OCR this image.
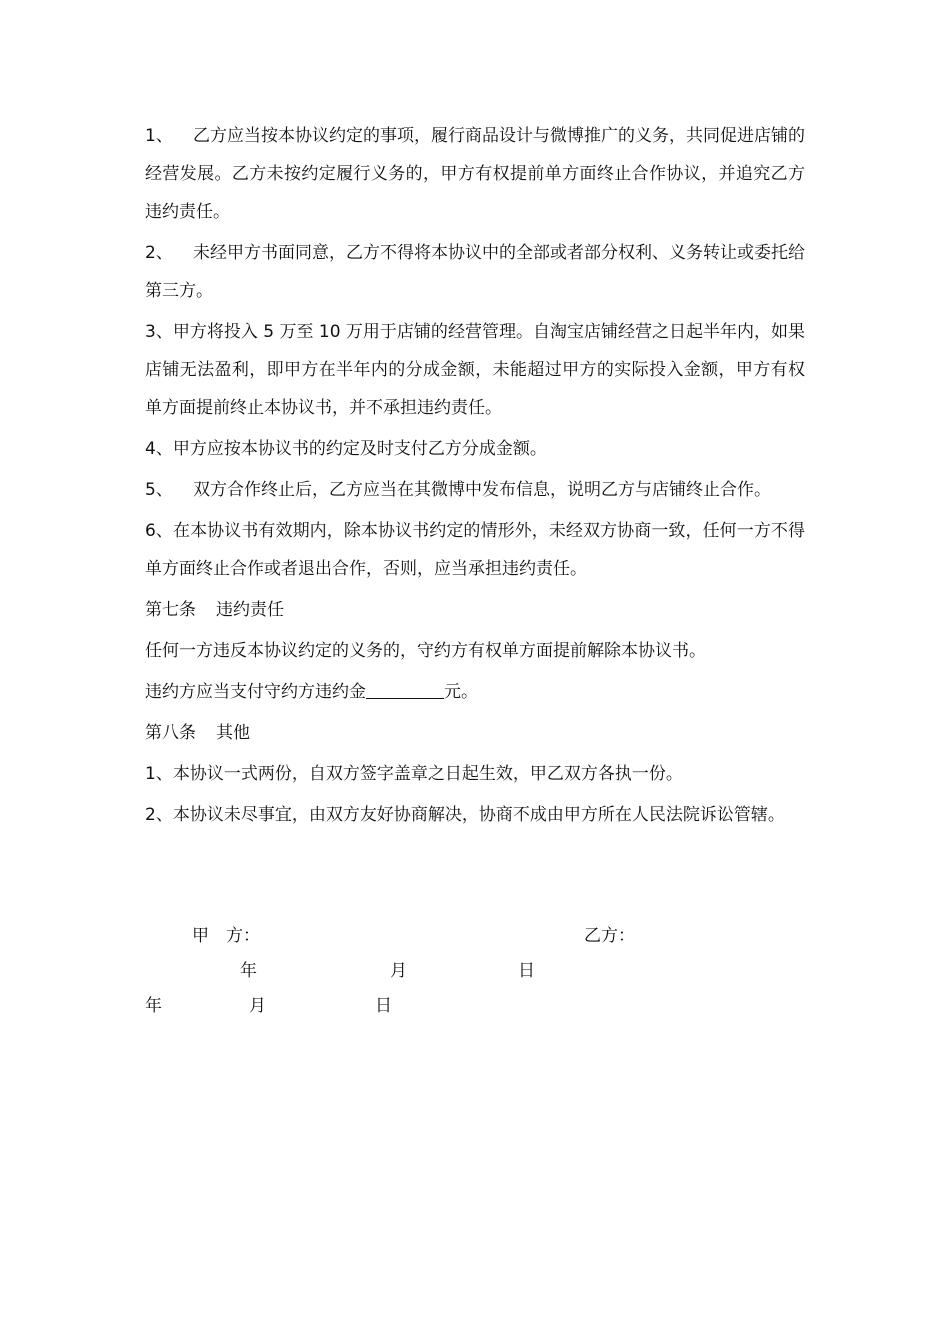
1、 乙方应当按本协议约定的事项，履行商品设计与微博推广的义务，共同促进店铺的经营发展。乙方未按约定履行义务的，甲方有权提前单方面终止合作协议，并追究乙方违约责任。

2、 未经甲方书面同意，乙方不得将本协议中的全部或者部分权利、义务转让或委托给第三方。

3、甲方将投入 5 万至 10 万用于店铺的经营管理。自淘宝店铺经营之日起半年内，如果店铺无法盈利，即甲方在半年内的分成金额，未能超过甲方的实际投入金额，甲方有权单方面提前终止本协议书，并不承担违约责任。

4、甲方应按本协议书的约定及时支付乙方分成金额。

5、 双方合作终止后，乙方应当在其微博中发布信息，说明乙方与店铺终止合作。

6、在本协议书有效期内，除本协议书约定的情形外，未经双方协商一致，任何一方不得单方面终止合作或者退出合作，否则，应当承担违约责任。

第七条 违约责任

任何一方违反本协议约定的义务的，守约方有权单方面提前解除本协议书。

违约方应当支付守约方违约金	元。

第八条 其他

1、本协议一式两份，自双方签字盖章之日起生效，甲乙双方各执一份。

2、本协议未尽事宜，由双方友好协商解决，协商不成由甲方所在人民法院诉讼管辖。

甲　方：	乙方：
年	月	日
年	月	日
